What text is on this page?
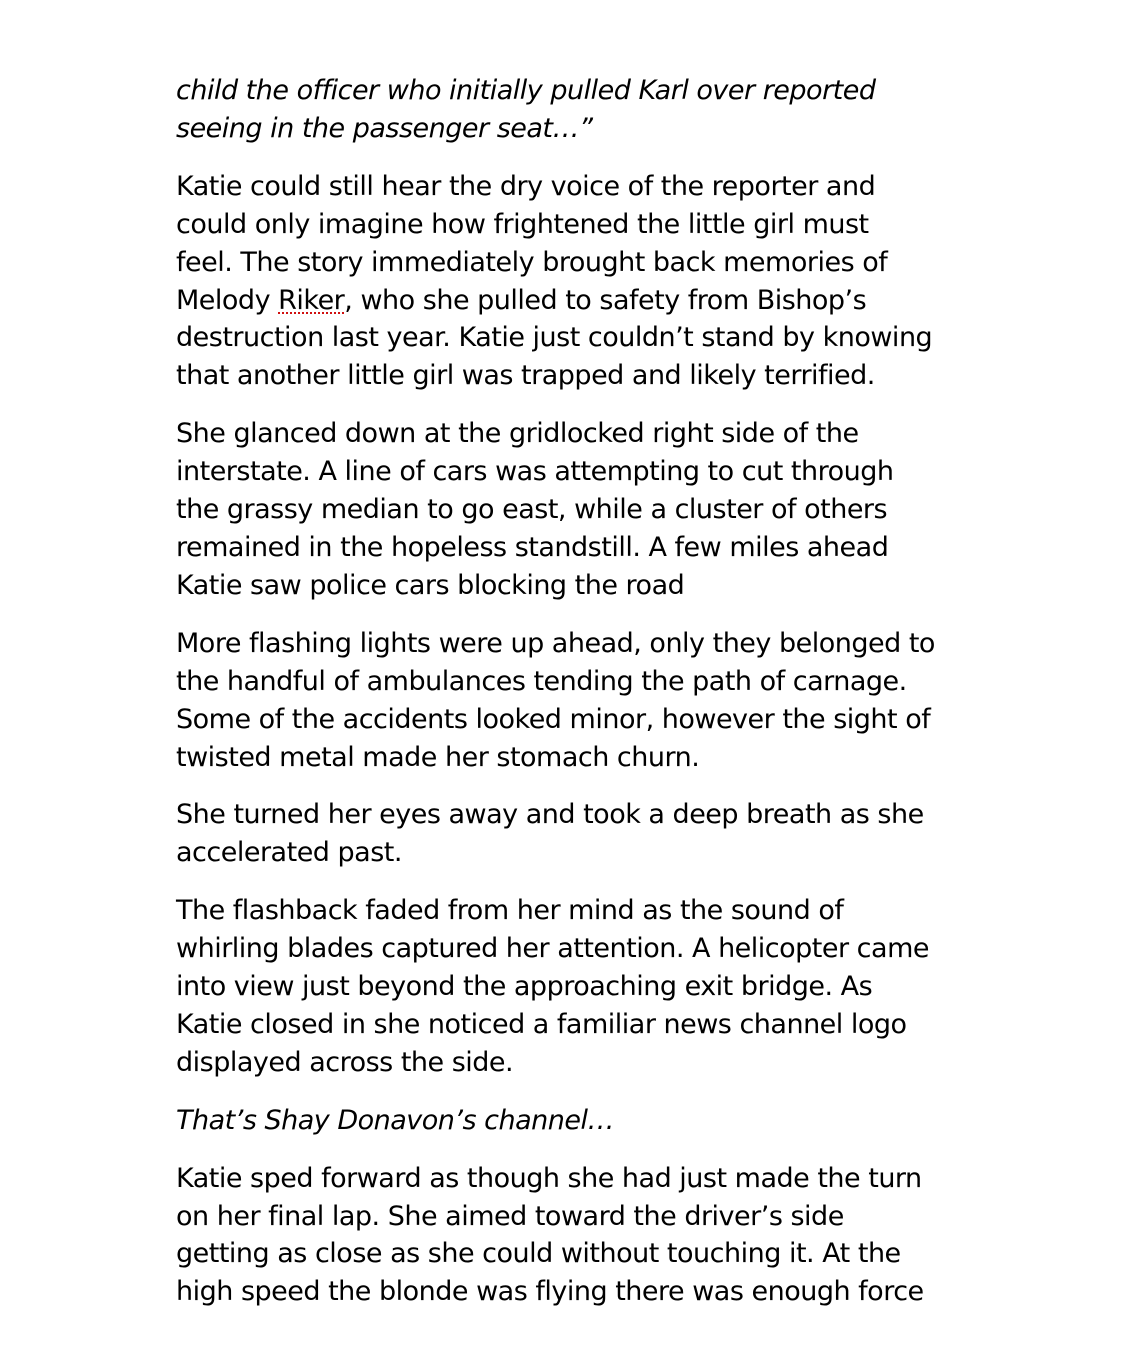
child the officer who initially pulled Karl over reported
seeing in the passenger seat…”

Katie could still hear the dry voice of the reporter and
could only imagine how frightened the little girl must
feel. The story immediately brought back memories of
Melody Riker, who she pulled to safety from Bishop’s
destruction last year. Katie just couldn’t stand by knowing
that another little girl was trapped and likely terrified.

She glanced down at the gridlocked right side of the
interstate. A line of cars was attempting to cut through
the grassy median to go east, while a cluster of others
remained in the hopeless standstill. A few miles ahead
Katie saw police cars blocking the road

More flashing lights were up ahead, only they belonged to
the handful of ambulances tending the path of carnage.
Some of the accidents looked minor, however the sight of
twisted metal made her stomach churn.

She turned her eyes away and took a deep breath as she
accelerated past.

The flashback faded from her mind as the sound of
whirling blades captured her attention. A helicopter came
into view just beyond the approaching exit bridge. As
Katie closed in she noticed a familiar news channel logo
displayed across the side.

That’s Shay Donavon’s channel…

Katie sped forward as though she had just made the turn
on her final lap. She aimed toward the driver’s side
getting as close as she could without touching it. At the
high speed the blonde was flying there was enough force
